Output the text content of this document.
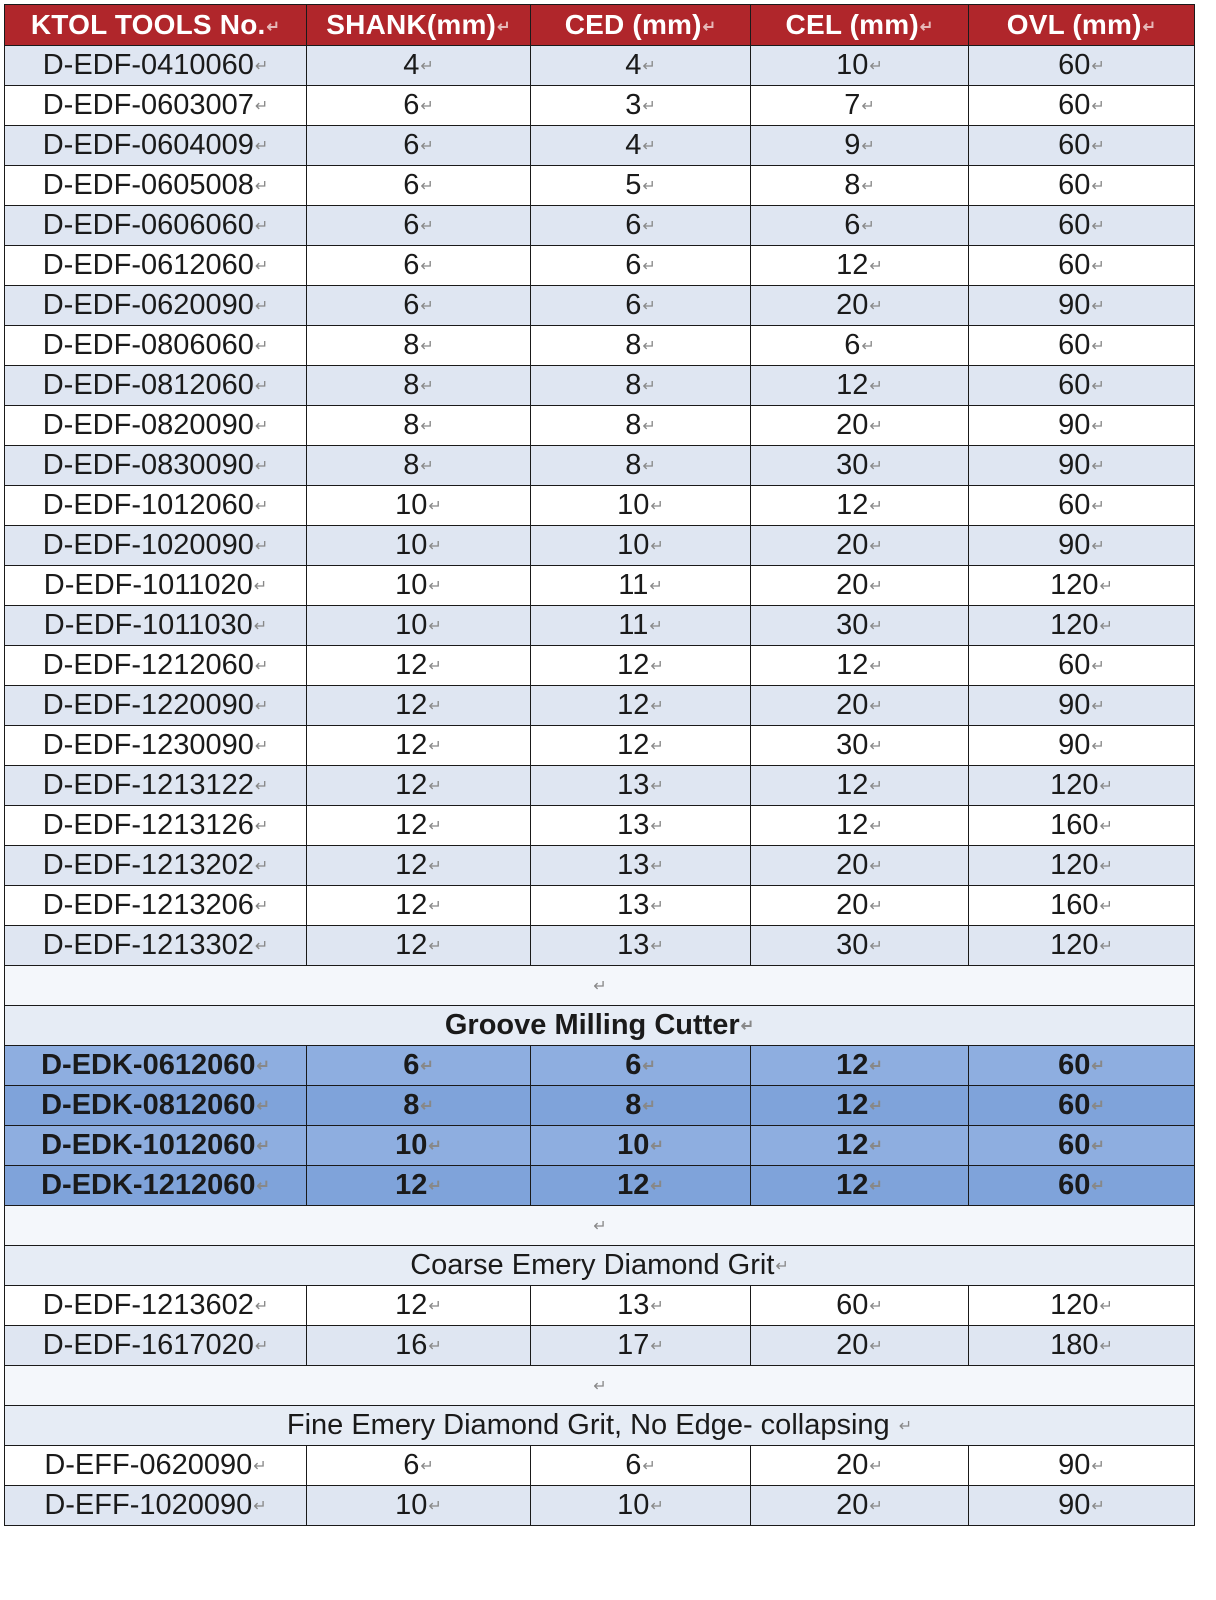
KTOL TOOLS No.↵	SHANK(mm)↵	CED (mm)↵	CEL (mm)↵	OVL (mm)↵
D-EDF-0410060↵	4↵	4↵	10↵	60↵
D-EDF-0603007↵	6↵	3↵	7↵	60↵
D-EDF-0604009↵	6↵	4↵	9↵	60↵
D-EDF-0605008↵	6↵	5↵	8↵	60↵
D-EDF-0606060↵	6↵	6↵	6↵	60↵
D-EDF-0612060↵	6↵	6↵	12↵	60↵
D-EDF-0620090↵	6↵	6↵	20↵	90↵
D-EDF-0806060↵	8↵	8↵	6↵	60↵
D-EDF-0812060↵	8↵	8↵	12↵	60↵
D-EDF-0820090↵	8↵	8↵	20↵	90↵
D-EDF-0830090↵	8↵	8↵	30↵	90↵
D-EDF-1012060↵	10↵	10↵	12↵	60↵
D-EDF-1020090↵	10↵	10↵	20↵	90↵
D-EDF-1011020↵	10↵	11↵	20↵	120↵
D-EDF-1011030↵	10↵	11↵	30↵	120↵
D-EDF-1212060↵	12↵	12↵	12↵	60↵
D-EDF-1220090↵	12↵	12↵	20↵	90↵
D-EDF-1230090↵	12↵	12↵	30↵	90↵
D-EDF-1213122↵	12↵	13↵	12↵	120↵
D-EDF-1213126↵	12↵	13↵	12↵	160↵
D-EDF-1213202↵	12↵	13↵	20↵	120↵
D-EDF-1213206↵	12↵	13↵	20↵	160↵
D-EDF-1213302↵	12↵	13↵	30↵	120↵
↵				
Groove Milling Cutter↵				
D-EDK-0612060↵	6↵	6↵	12↵	60↵
D-EDK-0812060↵	8↵	8↵	12↵	60↵
D-EDK-1012060↵	10↵	10↵	12↵	60↵
D-EDK-1212060↵	12↵	12↵	12↵	60↵
↵				
Coarse Emery Diamond Grit↵				
D-EDF-1213602↵	12↵	13↵	60↵	120↵
D-EDF-1617020↵	16↵	17↵	20↵	180↵
↵				
Fine Emery Diamond Grit, No Edge- collapsing ↵				
D-EFF-0620090↵	6↵	6↵	20↵	90↵
D-EFF-1020090↵	10↵	10↵	20↵	90↵
